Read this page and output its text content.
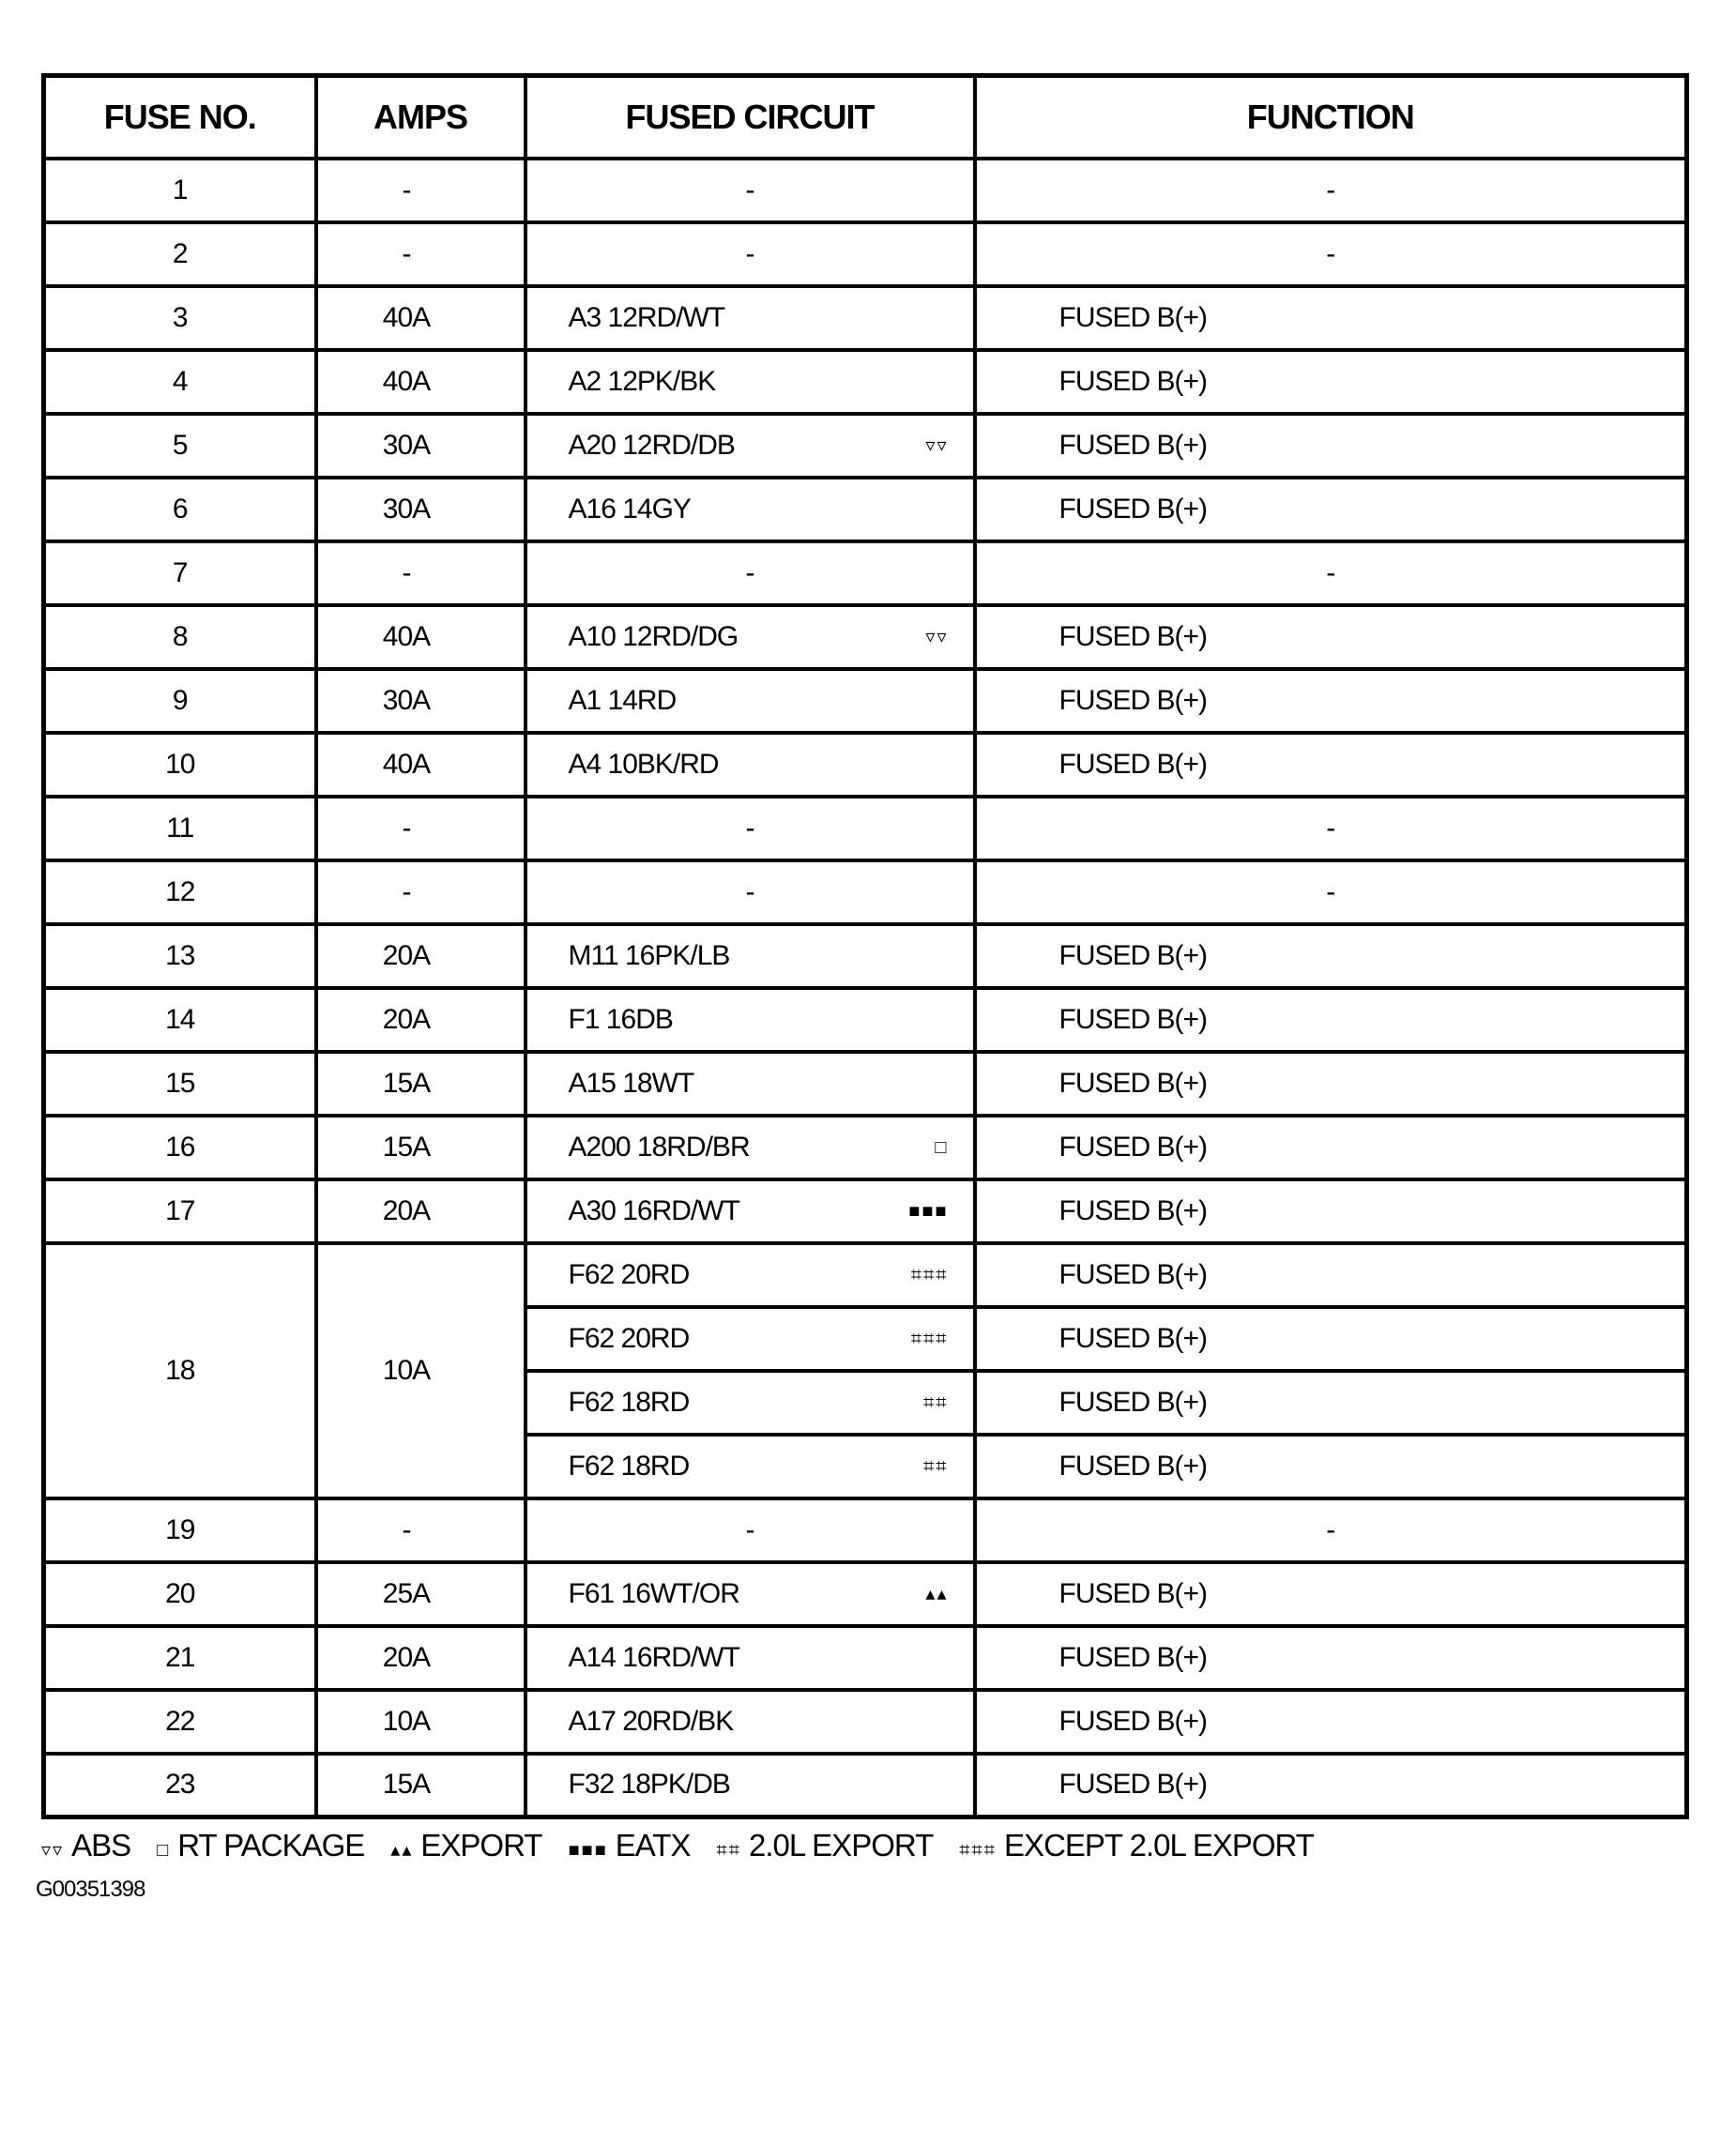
FUSE NO.	AMPS	FUSED CIRCUIT	FUNCTION
1	-	-	-
2	-	-	-
3	40A	A3 12RD/WT	FUSED B(+)
4	40A	A2 12PK/BK	FUSED B(+)
5	30A	A20 12RD/DB ▿▿	FUSED B(+)
6	30A	A16 14GY	FUSED B(+)
7	-	-	-
8	40A	A10 12RD/DG ▿▿	FUSED B(+)
9	30A	A1 14RD	FUSED B(+)
10	40A	A4 10BK/RD	FUSED B(+)
11	-	-	-
12	-	-	-
13	20A	M11 16PK/LB	FUSED B(+)
14	20A	F1 16DB	FUSED B(+)
15	15A	A15 18WT	FUSED B(+)
16	15A	A200 18RD/BR □	FUSED B(+)
17	20A	A30 16RD/WT ■■■	FUSED B(+)
18	10A	F62 20RD ⌗⌗⌗	FUSED B(+)

		F62 20RD ⌗⌗⌗	FUSED B(+)

		F62 18RD ⌗⌗	FUSED B(+)

		F62 18RD ⌗⌗	FUSED B(+)
19	-	-	-
20	25A	F61 16WT/OR ▴▴	FUSED B(+)
21	20A	A14 16RD/WT	FUSED B(+)
22	10A	A17 20RD/BK	FUSED B(+)
23	15A	F32 18PK/DB	FUSED B(+)
▿▿ ABS □ RT PACKAGE ▴▴ EXPORT ■■■ EATX ⌗⌗ 2.0L EXPORT ⌗⌗⌗ EXCEPT 2.0L EXPORT
G00351398
